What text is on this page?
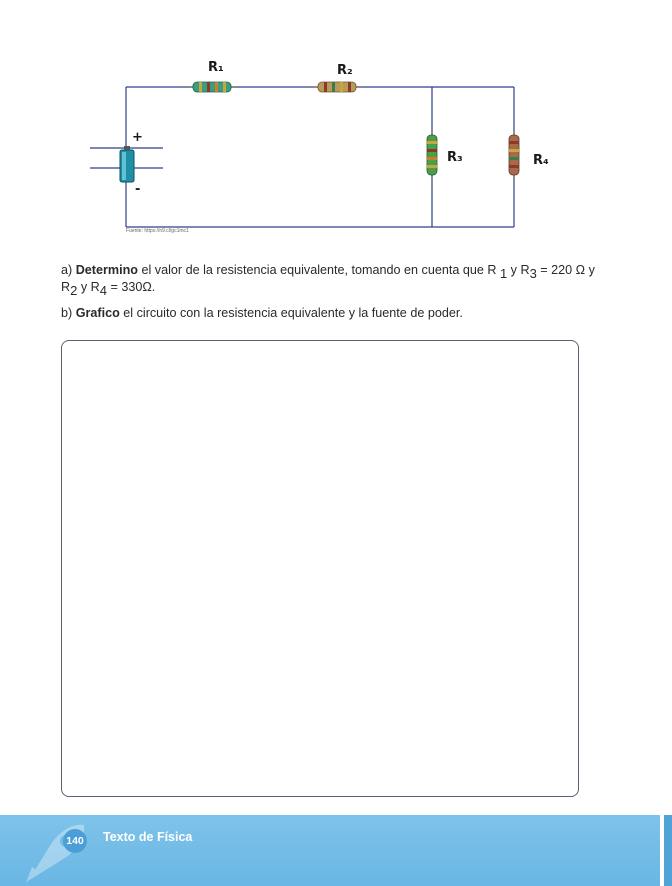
+
-
R₁	R₂
R₃	R₄
Fuente: https://n9.cl/gc1mc1
a) Determino el valor de la resistencia equivalente, tomando en cuenta que R $_1$ y $R_3 = 220$ Ω y
$R_2$ y $R_4 = 330\Omega$.
b) Grafico el circuito con la resistencia equivalente y la fuente de poder.
140 Texto de Física
